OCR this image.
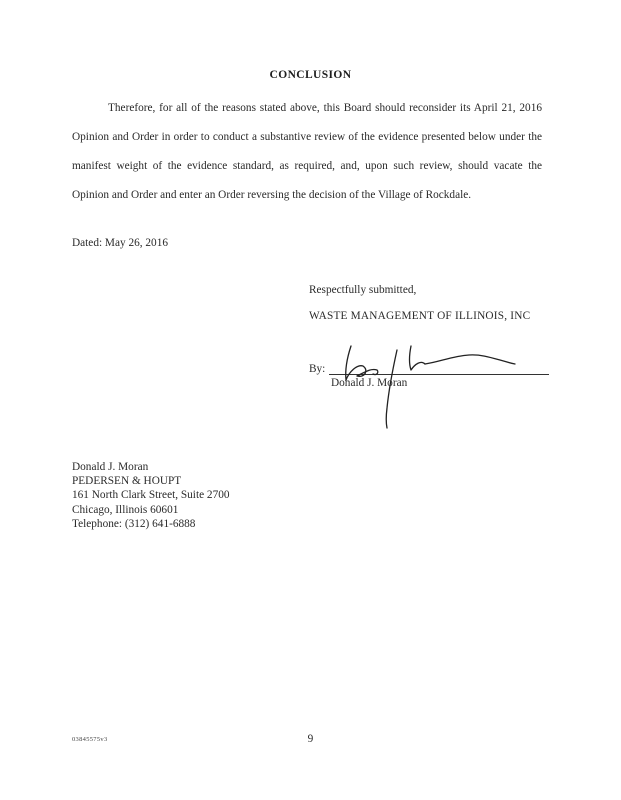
CONCLUSION

Therefore, for all of the reasons stated above, this Board should reconsider its April 21, 2016 Opinion and Order in order to conduct a substantive review of the evidence presented below under the manifest weight of the evidence standard, as required, and, upon such review, should vacate the Opinion and Order and enter an Order reversing the decision of the Village of Rockdale.

Dated: May 26, 2016
Respectfully submitted,
WASTE MANAGEMENT OF ILLINOIS, INC
By:
Donald J. Moran
Donald J. Moran
PEDERSEN & HOUPT
161 North Clark Street, Suite 2700
Chicago, Illinois 60601
Telephone: (312) 641-6888
03845575v3	9
